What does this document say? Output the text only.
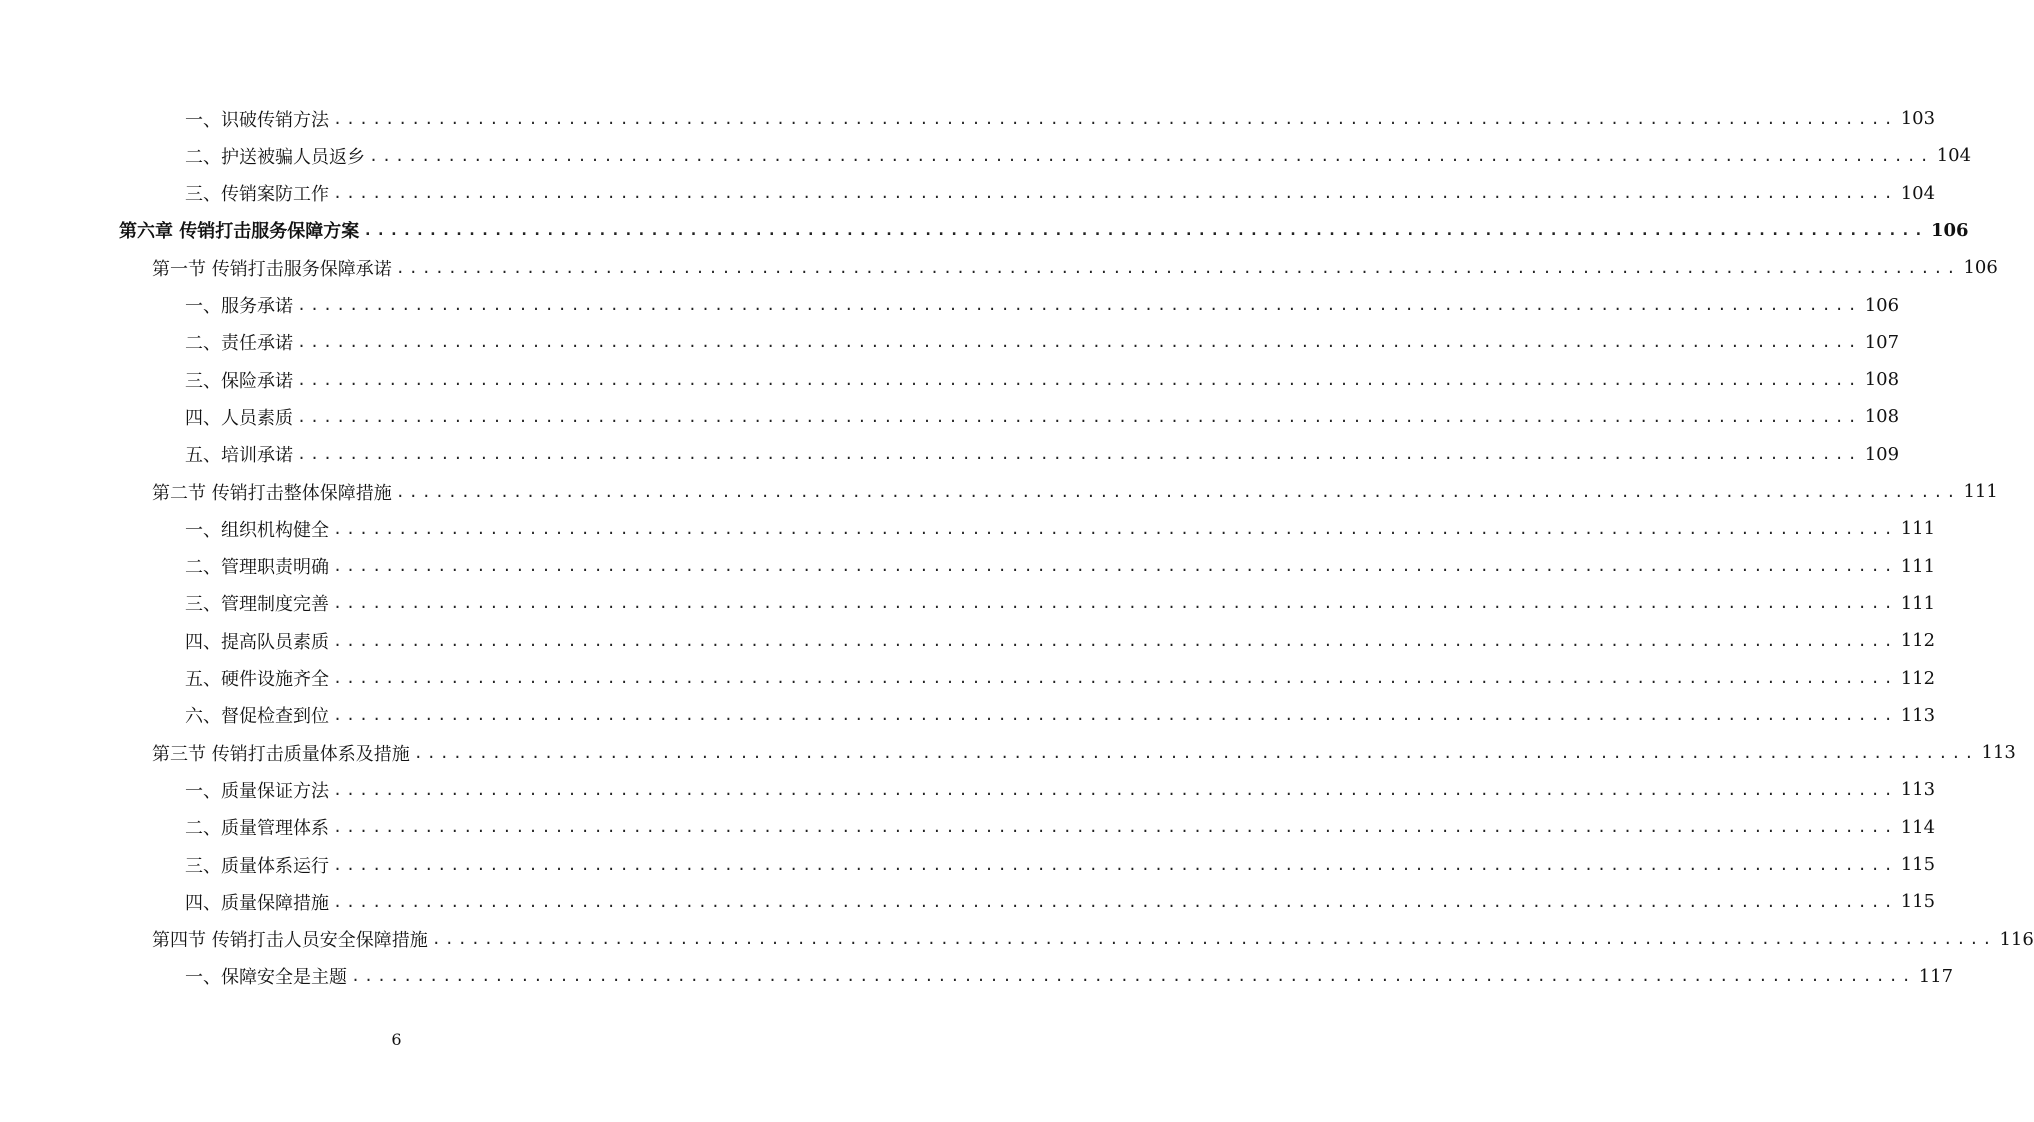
一、识破传销方法 ........................................................................................................................ 103
二、护送被骗人员返乡 ........................................................................................................................ 104
三、传销案防工作 ........................................................................................................................ 104
第六章 传销打击服务保障方案 ........................................................................................................................ 106
第一节 传销打击服务保障承诺 ........................................................................................................................ 106
一、服务承诺 ........................................................................................................................ 106
二、责任承诺 ........................................................................................................................ 107
三、保险承诺 ........................................................................................................................ 108
四、人员素质 ........................................................................................................................ 108
五、培训承诺 ........................................................................................................................ 109
第二节 传销打击整体保障措施 ........................................................................................................................ 111
一、组织机构健全 ........................................................................................................................ 111
二、管理职责明确 ........................................................................................................................ 111
三、管理制度完善 ........................................................................................................................ 111
四、提高队员素质 ........................................................................................................................ 112
五、硬件设施齐全 ........................................................................................................................ 112
六、督促检查到位 ........................................................................................................................ 113
第三节 传销打击质量体系及措施 ........................................................................................................................ 113
一、质量保证方法 ........................................................................................................................ 113
二、质量管理体系 ........................................................................................................................ 114
三、质量体系运行 ........................................................................................................................ 115
四、质量保障措施 ........................................................................................................................ 115
第四节 传销打击人员安全保障措施 ........................................................................................................................ 116
一、保障安全是主题 ........................................................................................................................ 117
6
